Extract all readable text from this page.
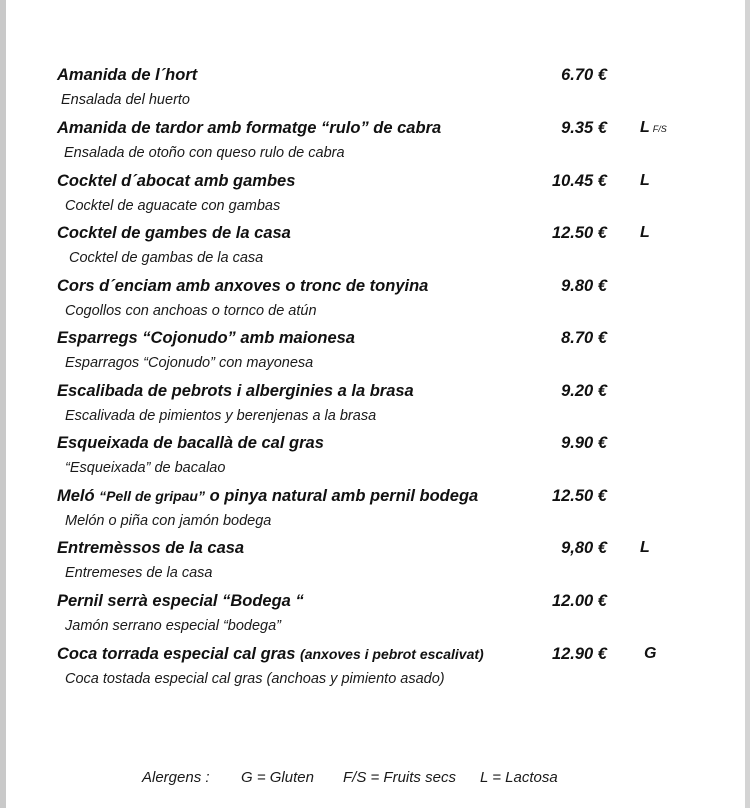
Amanida de l´hort	6.70 €
Ensalada del huerto
Amanida de tardor amb formatge “rulo” de cabra	9.35 € L F/S
Ensalada de otoño con queso rulo de cabra
Cocktel d´abocat amb gambes	10.45 € L
Cocktel de aguacate con gambas
Cocktel de gambes de la casa	12.50 € L
Cocktel de gambas de la casa
Cors d´enciam amb anxoves o tronc de tonyina	9.80 €
Cogollos con anchoas o tornco de atún
Esparregs “Cojonudo” amb maionesa	8.70 €
Esparragos “Cojonudo” con mayonesa
Escalibada de pebrots i alberginies a la brasa	9.20 €
Escalivada de pimientos y berenjenas a la brasa
Esqueixada de bacallà de cal gras	9.90 €
“Esqueixada” de bacalao
Meló “Pell de gripau” o pinya natural amb pernil bodega	12.50 €
Melón o piña con jamón bodega
Entremèssos de la casa	9,80 € L
Entremeses de la casa
Pernil serrà especial “Bodega “	12.00 €
Jamón serrano especial “bodega”
Coca torrada especial cal gras (anxoves i pebrot escalivat)	12.90 € G
Coca tostada especial cal gras (anchoas y pimiento asado)
Alergens : G = Gluten F/S = Fruits secs L = Lactosa
